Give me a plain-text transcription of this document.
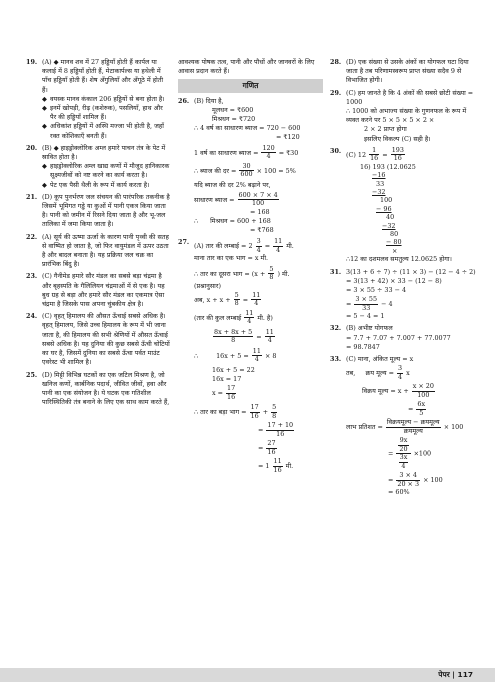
19. (A) ◆ मानव शव में 27 हड्डियाँ होती हैं कार्पल या कलाई में 8 हड्डियाँ होती हैं, मेटाकार्पल्स या हथेली में पाँच हड्डियाँ होती हैं। शेष अँगुलियाँ और अँगूठे में होती हैं।
◆ वयस्क मानव कंकाल 206 हड्डियों से बना होता है।
◆ इनमें खोपड़ी, रीढ़ (कशेरुक), पसलियाँ, हाथ और पैर की हड्डियाँ शामिल हैं।
◆ अधिकांश हड्डियों में अस्थि मज्जा भी होती है, जहाँ रक्त कोशिकाएँ बनती हैं।
20. (B) ◆ हाइड्रोक्लोरिक अम्ल हमारे पाचन तंत्र के पेट में स्रावित होता है।
◆ हाइड्रोक्लोरिक अम्ल खाद्य कणों में मौजूद हानिकारक सूक्ष्मजीवों को नष्ट करने का कार्य करता है।
◆ पेट एक पैसी थैली के रूप में कार्य करता है।
21. (D) कूप पुनर्भरण जल संचयन की पारंपरिक तकनीक है जिसमें भूमिगत गड्ढे या कुओं में पानी एकत्र किया जाता है। पानी को जमीन में रिसने दिया जाता है और भू-जल तालिका में जमा किया जाता है।
22. (A) सूर्य की ऊष्मा ऊर्जा के कारण पानी पृथ्वी की सतह से वाष्पित हो जाता है, जो फिर वायुमंडल में ऊपर उठता है और बादल बनाता है। यह प्रक्रिया जल चक्र का प्रारंभिक बिंदु है।
23. (C) गैनीमेड हमारे सौर मंडल का सबसे बड़ा चंद्रमा है और बृहस्पति के गैलिलियन चंद्रमाओं में से एक है। यह बुध ग्रह से बड़ा और हमारे सौर मंडल का एकमात्र ऐसा चंद्रमा है जिसके पास अपना चुंबकीय क्षेत्र है।
24. (C) वृहत् हिमालय की औसत ऊँचाई सबसे अधिक है। वृहत् हिमालय, जिसे उच्च हिमालय के रूप में भी जाना जाता है, की हिमालय की सभी श्रेणियों में औसत ऊँचाई सबसे अधिक है। यह दुनिया की कुछ सबसे ऊँची चोटियों का घर है, जिसमें दुनिया का सबसे ऊँचा पर्वत माउंट एवरेस्ट भी शामिल है।
25. (D) मिट्टी विभिन्न घटकों का एक जटिल मिश्रण है, जो खनिज कणों, कार्बनिक पदार्थ, जीवित जीवों, हवा और पानी का एक संयोजन है। ये घटक एक गतिशील पारिस्थितिकी तंत्र बनाने के लिए एक साथ काम करते हैं,
आवश्यक पोषक तत्व, पानी और पौधों और जानवरों के लिए आवास प्रदान करते हैं।
गणित
26. (B) दिया है,
मूलधन = ₹600
मिश्रधन = ₹720
∴ 4 वर्ष का साधारण ब्याज = 720 − 600
= ₹120
1 वर्ष का साधारण ब्याज = $\frac{120}{4}$ = ₹30
∴ ब्याज की दर = $\frac{30}{600} \times 100 = 5\%$
यदि ब्याज की दर 2% बढ़ाने पर,
साधारण ब्याज = $\frac{600 \times 7 \times 4}{100}$
= 168
∴ मिश्रधन = 600 + 168
= ₹768
27. (A) तार की लम्बाई = $2 \frac{3}{4} = \frac{11}{4}$ मी.
माना तार का एक भाग = x मी.
∴ तार का दूसरा भाग = ($x + \frac{5}{8}$ ) मी.
(प्रश्नानुसार)
अब, $x + x + \frac{5}{8} = \frac{11}{4}$
(तार की कुल लम्बाई $\frac{11}{4}$ मी. है)
$\frac{8x + 8x + 5}{8} = \frac{11}{4}$
∴	$16x + 5 = \frac{11}{4} \times 8$
16x + 5 = 22
16x = 17
$x = \frac{17}{16}$
∴ तार का बड़ा भाग = $\frac{17}{16} + \frac{5}{8}$
= $\frac{17 + 10}{16}$
= $\frac{27}{16}$
= $1 \frac{11}{16}$ मी.
28. (D) एक संख्या से उसके अंकों का योगफल घटा दिया जाता है तब परिणामस्वरूप प्राप्त संख्या सदैव 9 से विभाजित होगी।
29. (C) हम जानते है कि 4 अंकों की सबसे छोटी संख्या = 1000
∴ 1000 को अभाज्य संख्या के गुणनफल के रूप में व्यक्त करने पर 5 × 5 × 5 × 2 ×
2 × 2 प्राप्त होगा
इसलिए विकल्प (C) सही है।
30. (C) $12 \frac{1}{16} = \frac{193}{16}$
16) 193 (12.0625
−16
33
−32
100
− 96
40
−32
80
− 80
×
∴12 का दशमलव समतुल्य 12.0625 होगा।
31. 3(13 + 6 ÷ 7) ÷ (11 × 3) − (12 − 4 ÷ 2)
= 3(13 + 42) × 33 − (12 − 8)
= 3 × 55 ÷ 33 − 4
= $\frac{3 \times 55}{33} - 4$
= 5 − 4 = 1
32. (B) अभीष्ट योगफल
= 7.7 + 7.07 + 7.007 + 77.0077
= 98.7847
33. (C) माना, अंकित मूल्य = x
तब, क्रय मूल्य = $\frac{3}{4}$ x
विक्रय मूल्य = $x + \frac{x \times 20}{100}$
= $\frac{6x}{5}$
लाभ प्रतिशत = $\frac{\text{विक्रयमूल्य − क्रयमूल्य}}{\text{क्रयमूल्य}} \times 100$
= $\frac{\frac{9x}{20}}{\frac{3x}{4}} \times 100$
= $\frac{3 \times 4}{20 \times 3} \times 100$
= 60%
पेपर | 117
